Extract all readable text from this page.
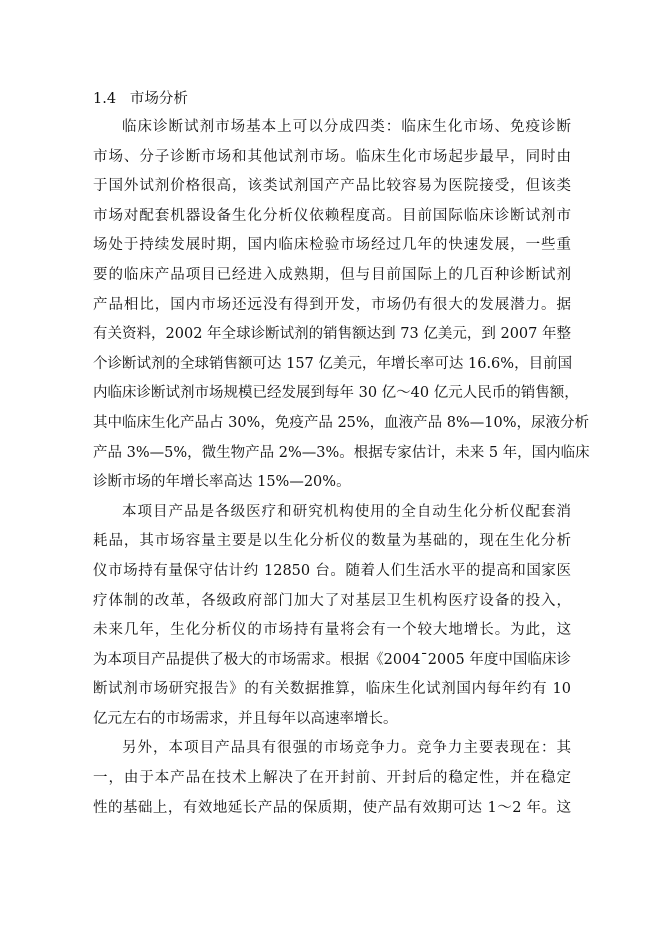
1.4   市场分析
临床诊断试剂市场基本上可以分成四类：临床生化市场、免疫诊断
市场、分子诊断市场和其他试剂市场。临床生化市场起步最早，同时由
于国外试剂价格很高，该类试剂国产产品比较容易为医院接受，但该类
市场对配套机器设备生化分析仪依赖程度高。目前国际临床诊断试剂市
场处于持续发展时期，国内临床检验市场经过几年的快速发展，一些重
要的临床产品项目已经进入成熟期，但与目前国际上的几百种诊断试剂
产品相比，国内市场还远没有得到开发，市场仍有很大的发展潜力。据
有关资料，2002 年全球诊断试剂的销售额达到 73 亿美元，到 2007 年整
个诊断试剂的全球销售额可达 157 亿美元，年增长率可达 16.6%，目前国
内临床诊断试剂市场规模已经发展到每年 30 亿～40 亿元人民币的销售额，
其中临床生化产品占 30%，免疫产品 25%，血液产品 8%—10%，尿液分析
产品 3%—5%，微生物产品 2%—3%。根据专家估计，未来 5 年，国内临床
诊断市场的年增长率高达 15%—20%。
本项目产品是各级医疗和研究机构使用的全自动生化分析仪配套消
耗品，其市场容量主要是以生化分析仪的数量为基础的，现在生化分析
仪市场持有量保守估计约 12850 台。随着人们生活水平的提高和国家医
疗体制的改革，各级政府部门加大了对基层卫生机构医疗设备的投入，
未来几年，生化分析仪的市场持有量将会有一个较大地增长。为此，这
为本项目产品提供了极大的市场需求。根据《2004¯2005 年度中国临床诊
断试剂市场研究报告》的有关数据推算，临床生化试剂国内每年约有 10
亿元左右的市场需求，并且每年以高速率增长。
另外，本项目产品具有很强的市场竞争力。竞争力主要表现在：其
一，由于本产品在技术上解决了在开封前、开封后的稳定性，并在稳定
性的基础上，有效地延长产品的保质期，使产品有效期可达 1～2 年。这
